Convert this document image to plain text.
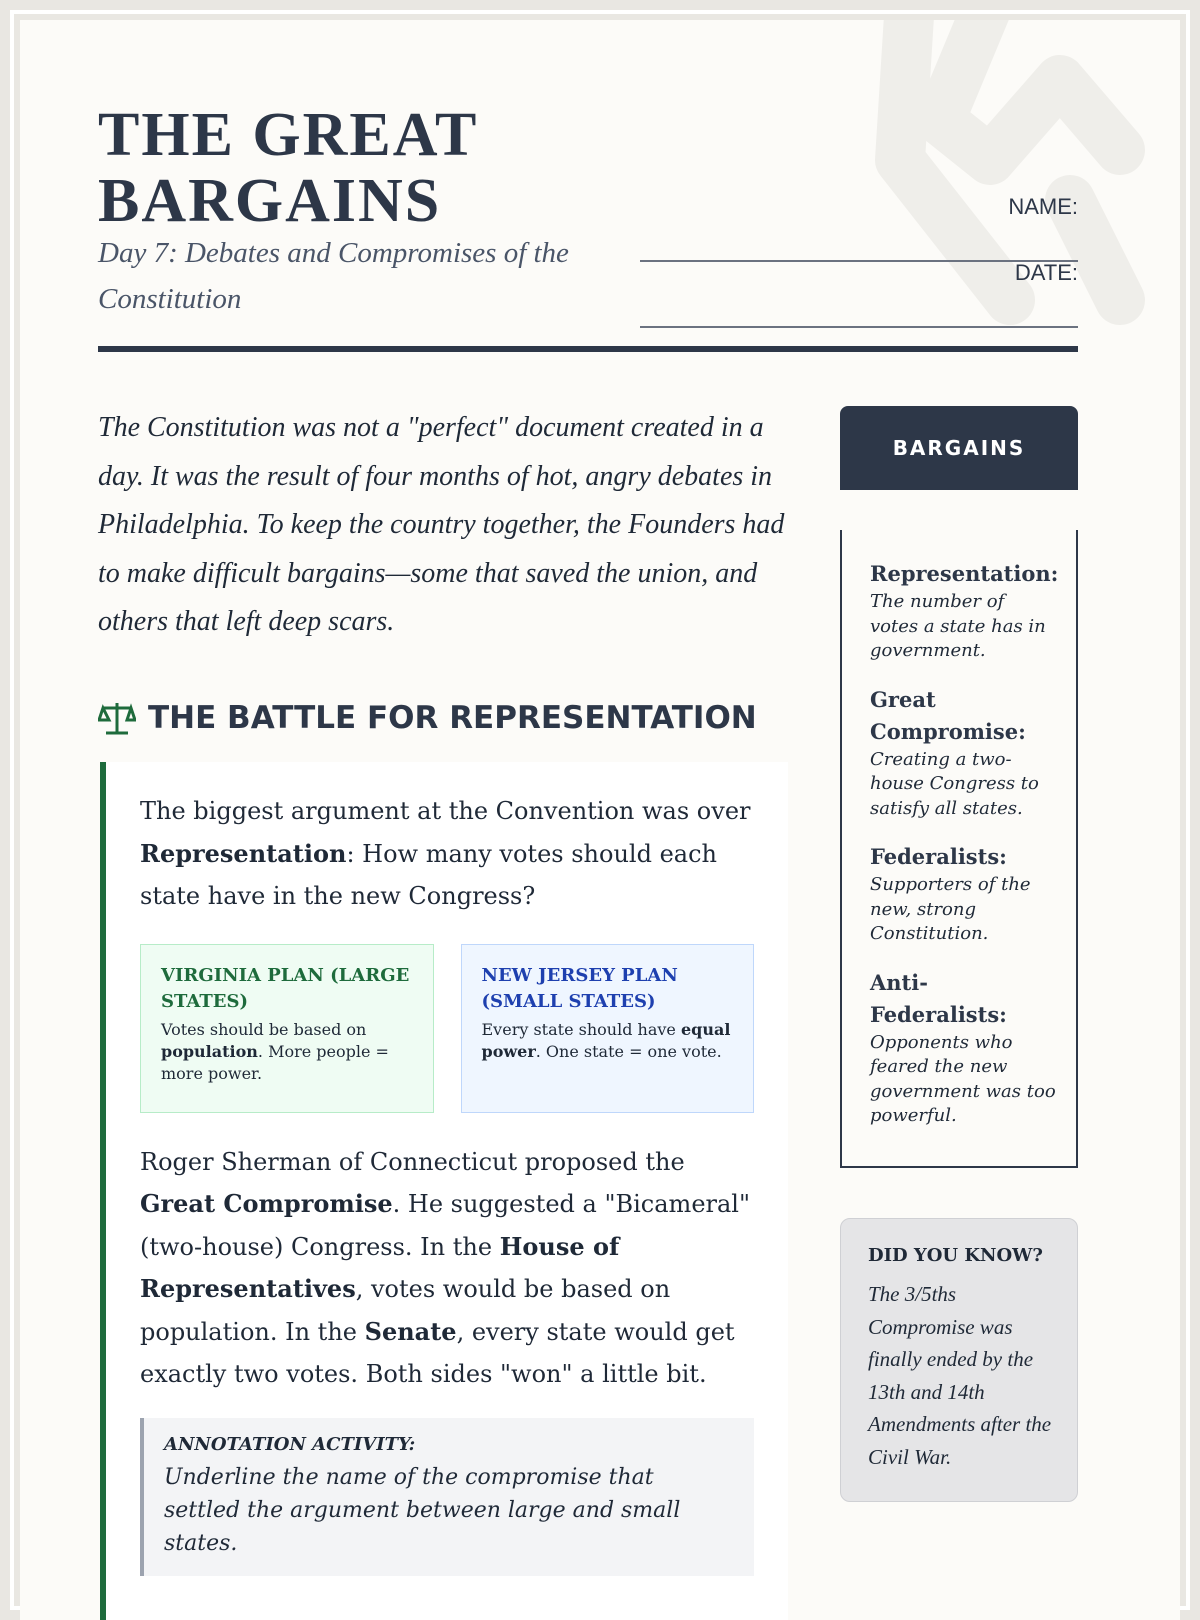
THE GREAT
BARGAINS
Day 7: Debates and Compromises of the Constitution
NAME:
DATE:

The Constitution was not a "perfect" document created in a day. It was the result of four months of hot, angry debates in Philadelphia. To keep the country together, the Founders had to make difficult bargains—some that saved the union, and others that left deep scars.

THE BATTLE FOR REPRESENTATION

The biggest argument at the Convention was over Representation: How many votes should each state have in the new Congress?

VIRGINIA PLAN (LARGE STATES)
Votes should be based on population. More people = more power.
NEW JERSEY PLAN (SMALL STATES)
Every state should have equal power. One state = one vote.

Roger Sherman of Connecticut proposed the Great Compromise. He suggested a "Bicameral" (two-house) Congress. In the House of Representatives, votes would be based on population. In the Senate, every state would get exactly two votes. Both sides "won" a little bit.

ANNOTATION ACTIVITY:
Underline the name of the compromise that settled the argument between large and small states.
BARGAINS
Representation:
The number of votes a state has in government.
Great Compromise:
Creating a two-house Congress to satisfy all states.
Federalists:
Supporters of the new, strong Constitution.
Anti-Federalists:
Opponents who feared the new government was too powerful.
DID YOU KNOW?

The 3/5ths Compromise was finally ended by the 13th and 14th Amendments after the Civil War.
